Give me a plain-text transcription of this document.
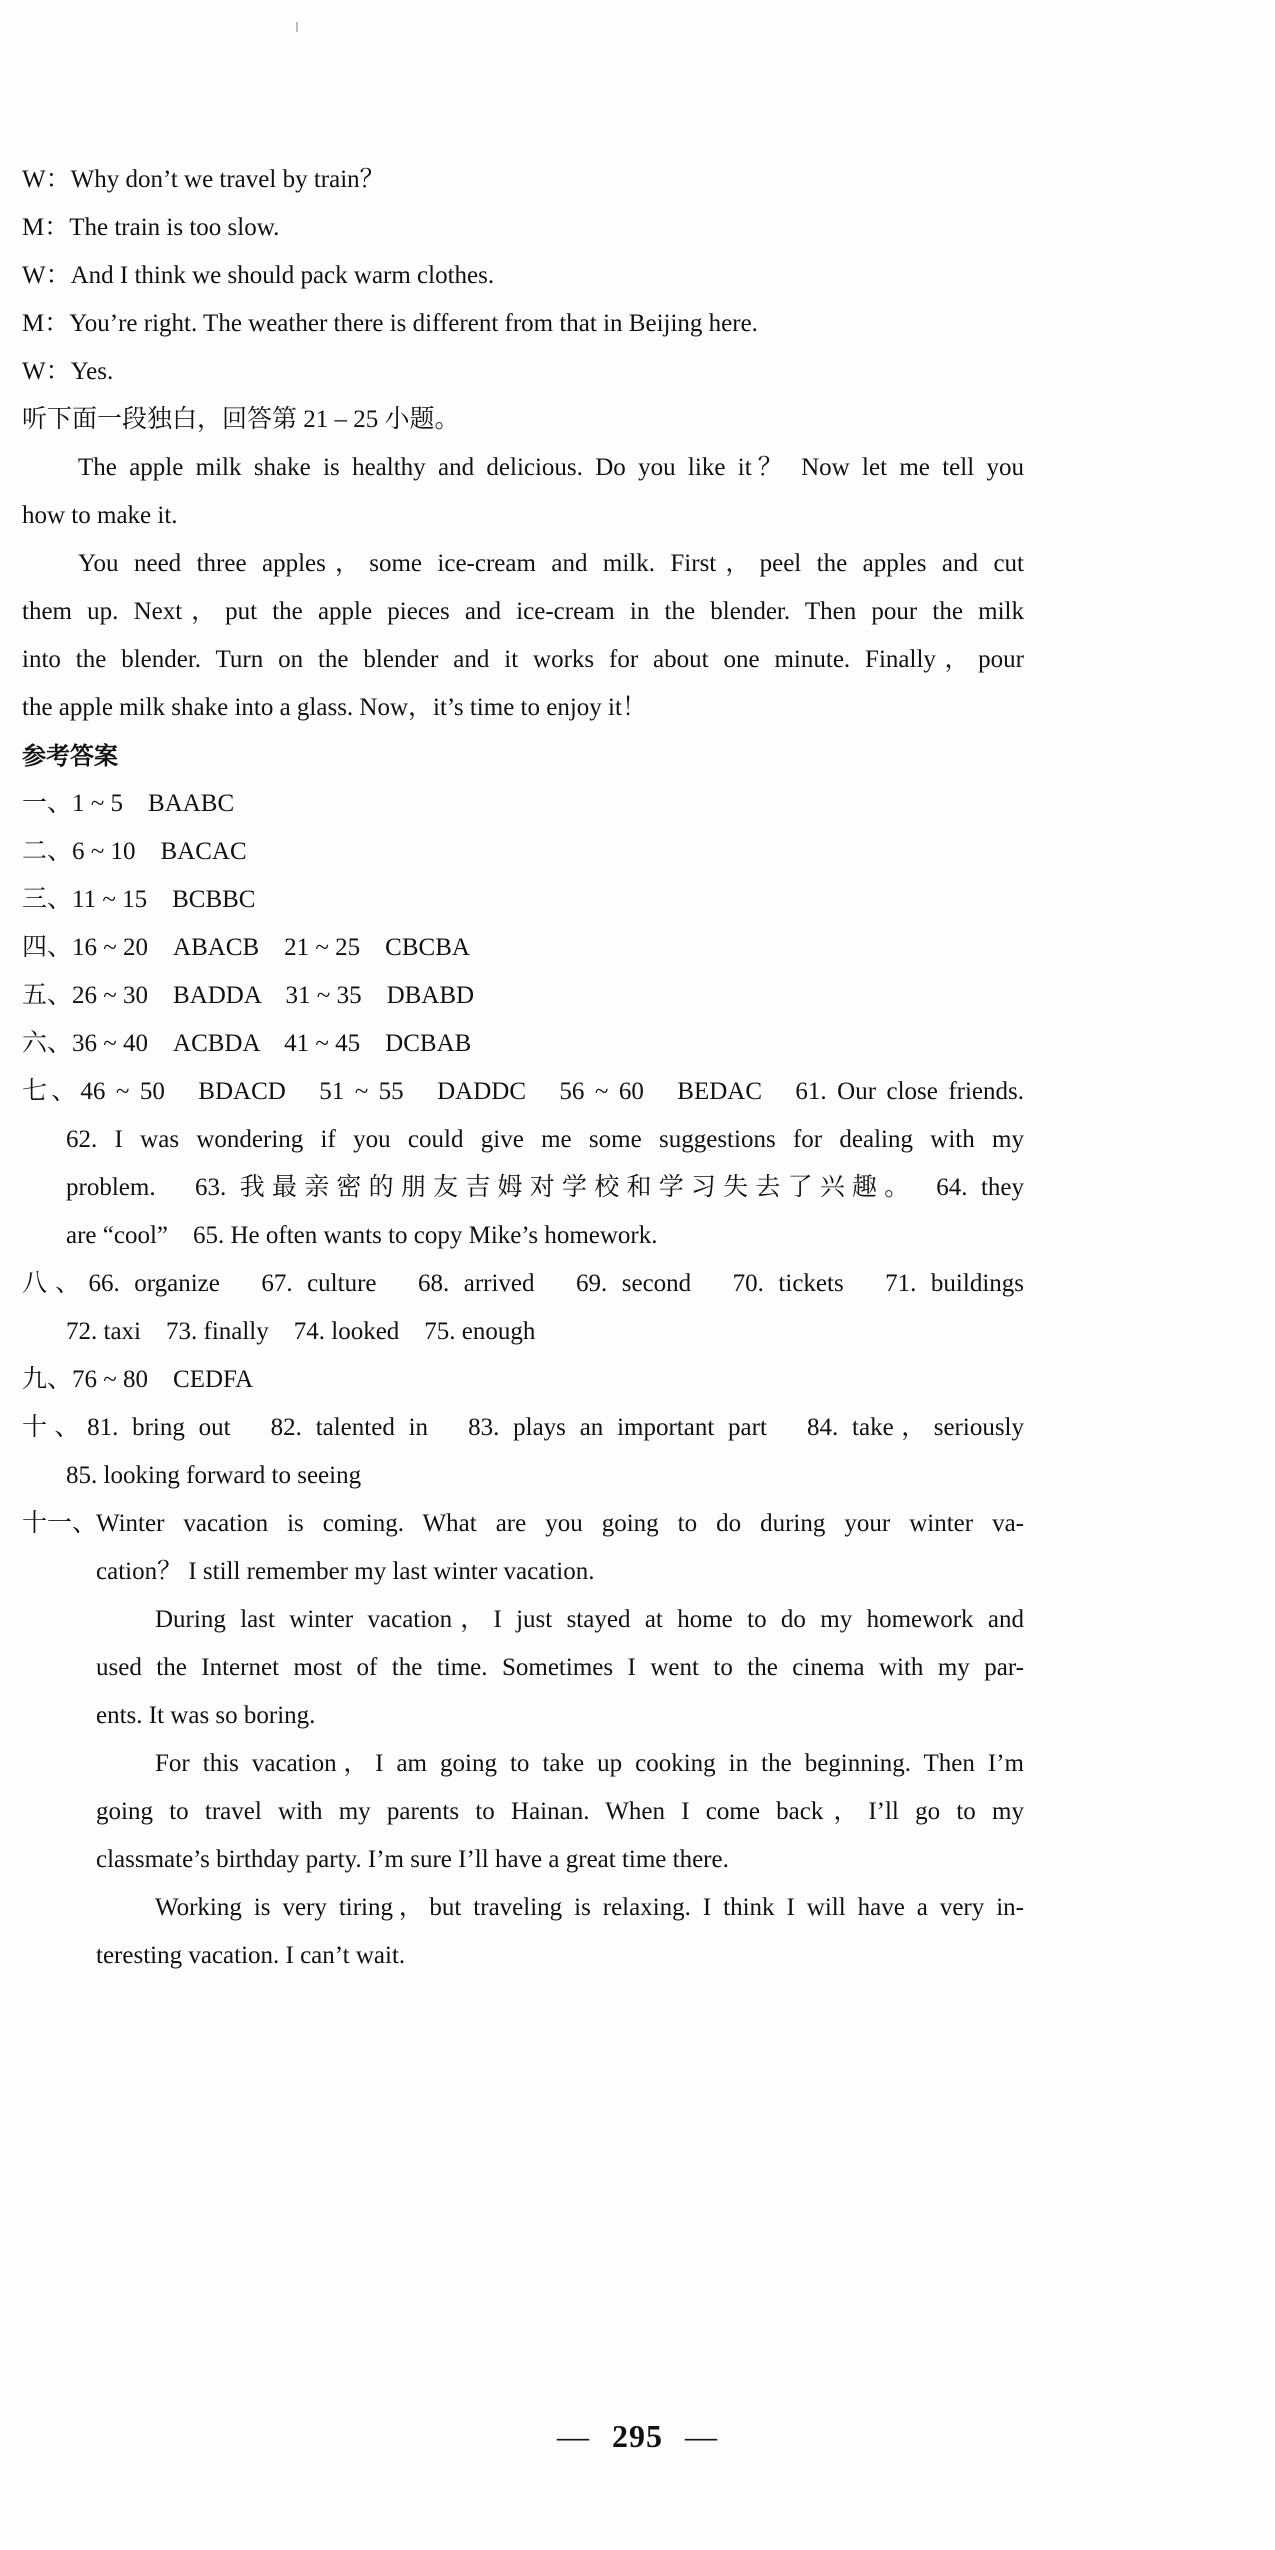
W：Why don’t we travel by train？
M：The train is too slow.
W：And I think we should pack warm clothes.
M：You’re right. The weather there is different from that in Beijing here.
W：Yes.
听下面一段独白，回答第 21 – 25 小题。
The apple milk shake is healthy and delicious. Do you like it？ Now let me tell you
how to make it.
You need three apples，some ice-cream and milk. First，peel the apples and cut
them up. Next，put the apple pieces and ice-cream in the blender. Then pour the milk
into the blender. Turn on the blender and it works for about one minute. Finally，pour
the apple milk shake into a glass. Now，it’s time to enjoy it！
参考答案
一、1 ~ 5　BAABC
二、6 ~ 10　BACAC
三、11 ~ 15　BCBBC
四、16 ~ 20　ABACB　21 ~ 25　CBCBA
五、26 ~ 30　BADDA　31 ~ 35　DBABD
六、36 ~ 40　ACBDA　41 ~ 45　DCBAB
七、46 ~ 50　BDACD　51 ~ 55　DADDC　56 ~ 60　BEDAC　61. Our close friends.
62. I was wondering if you could give me some suggestions for dealing with my
problem.　63. 我最亲密的朋友吉姆对学校和学习失去了兴趣。　64. they
are “cool”　65. He often wants to copy Mike’s homework.
八、66. organize　67. culture　68. arrived　69. second　70. tickets　71. buildings
72. taxi　73. finally　74. looked　75. enough
九、76 ~ 80　CEDFA
十、81. bring out　82. talented in　83. plays an important part　84. take，seriously
85. looking forward to seeing
十一、
Winter vacation is coming. What are you going to do during your winter va-
cation？ I still remember my last winter vacation.
During last winter vacation，I just stayed at home to do my homework and
used the Internet most of the time. Sometimes I went to the cinema with my par-
ents. It was so boring.
For this vacation，I am going to take up cooking in the beginning. Then I’m
going to travel with my parents to Hainan. When I come back，I’ll go to my
classmate’s birthday party. I’m sure I’ll have a great time there.
Working is very tiring，but traveling is relaxing. I think I will have a very in-
teresting vacation. I can’t wait.
— 295 —
